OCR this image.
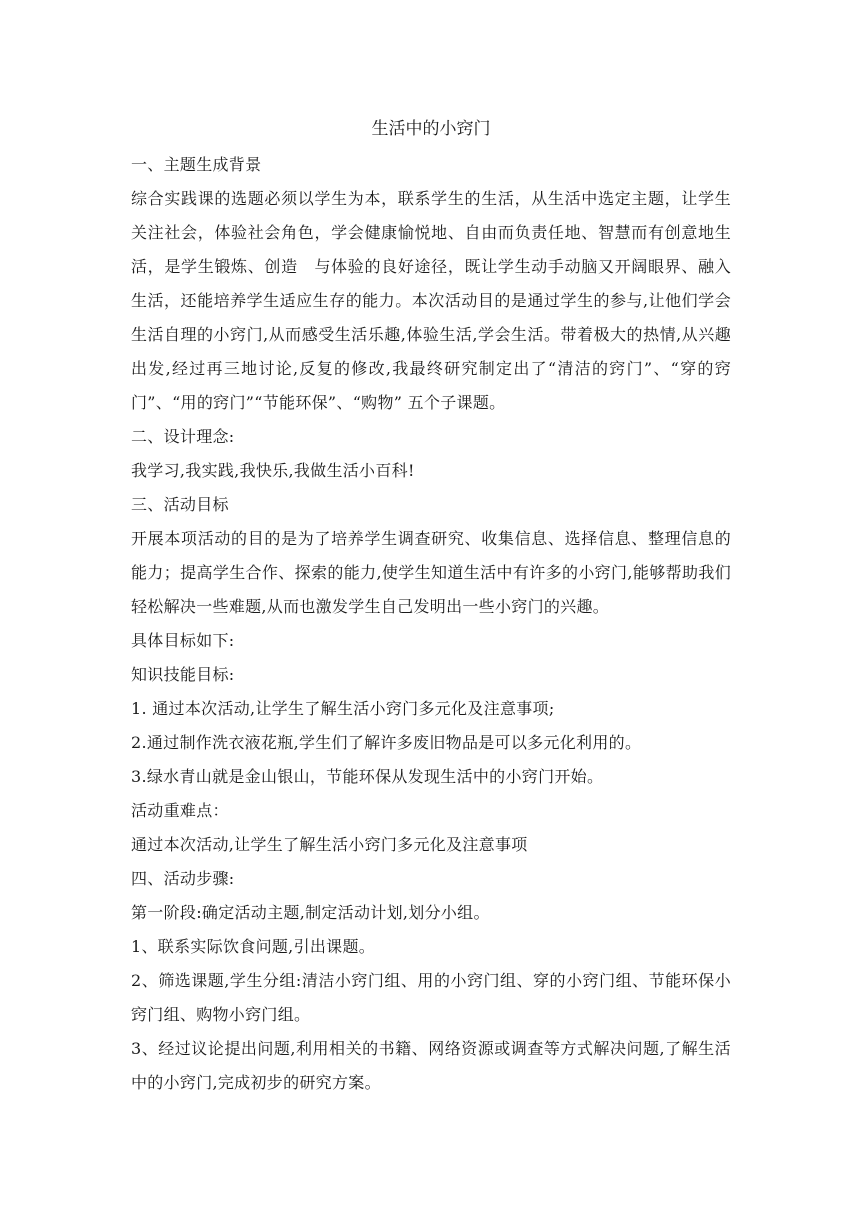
生活中的小窍门

一、主题生成背景

综合实践课的选题必须以学生为本，联系学生的生活，从生活中选定主题，让学生关注社会，体验社会角色，学会健康愉悦地、自由而负责任地、智慧而有创意地生活，是学生锻炼、创造　与体验的良好途径，既让学生动手动脑又开阔眼界、融入生活，还能培养学生适应生存的能力。本次活动目的是通过学生的参与,让他们学会生活自理的小窍门,从而感受生活乐趣,体验生活,学会生活。带着极大的热情,从兴趣出发,经过再三地讨论,反复的修改,我最终研究制定出了“清洁的窍门”、“穿的窍门”、“用的窍门”“节能环保”、“购物” 五个子课题。

二、设计理念:

我学习,我实践,我快乐,我做生活小百科!

三、活动目标

开展本项活动的目的是为了培养学生调查研究、收集信息、选择信息、整理信息的能力；提高学生合作、探索的能力,使学生知道生活中有许多的小窍门,能够帮助我们轻松解决一些难题,从而也激发学生自己发明出一些小窍门的兴趣。

具体目标如下:

知识技能目标:

1. 通过本次活动,让学生了解生活小窍门多元化及注意事项;

2.通过制作洗衣液花瓶,学生们了解许多废旧物品是可以多元化利用的。

3.绿水青山就是金山银山，节能环保从发现生活中的小窍门开始。

活动重难点：

通过本次活动,让学生了解生活小窍门多元化及注意事项

四、活动步骤:

第一阶段:确定活动主题,制定活动计划,划分小组。

1、联系实际饮食问题,引出课题。

2、筛选课题,学生分组:清洁小窍门组、用的小窍门组、穿的小窍门组、节能环保小窍门组、购物小窍门组。

3、经过议论提出问题,利用相关的书籍、网络资源或调查等方式解决问题,了解生活中的小窍门,完成初步的研究方案。
